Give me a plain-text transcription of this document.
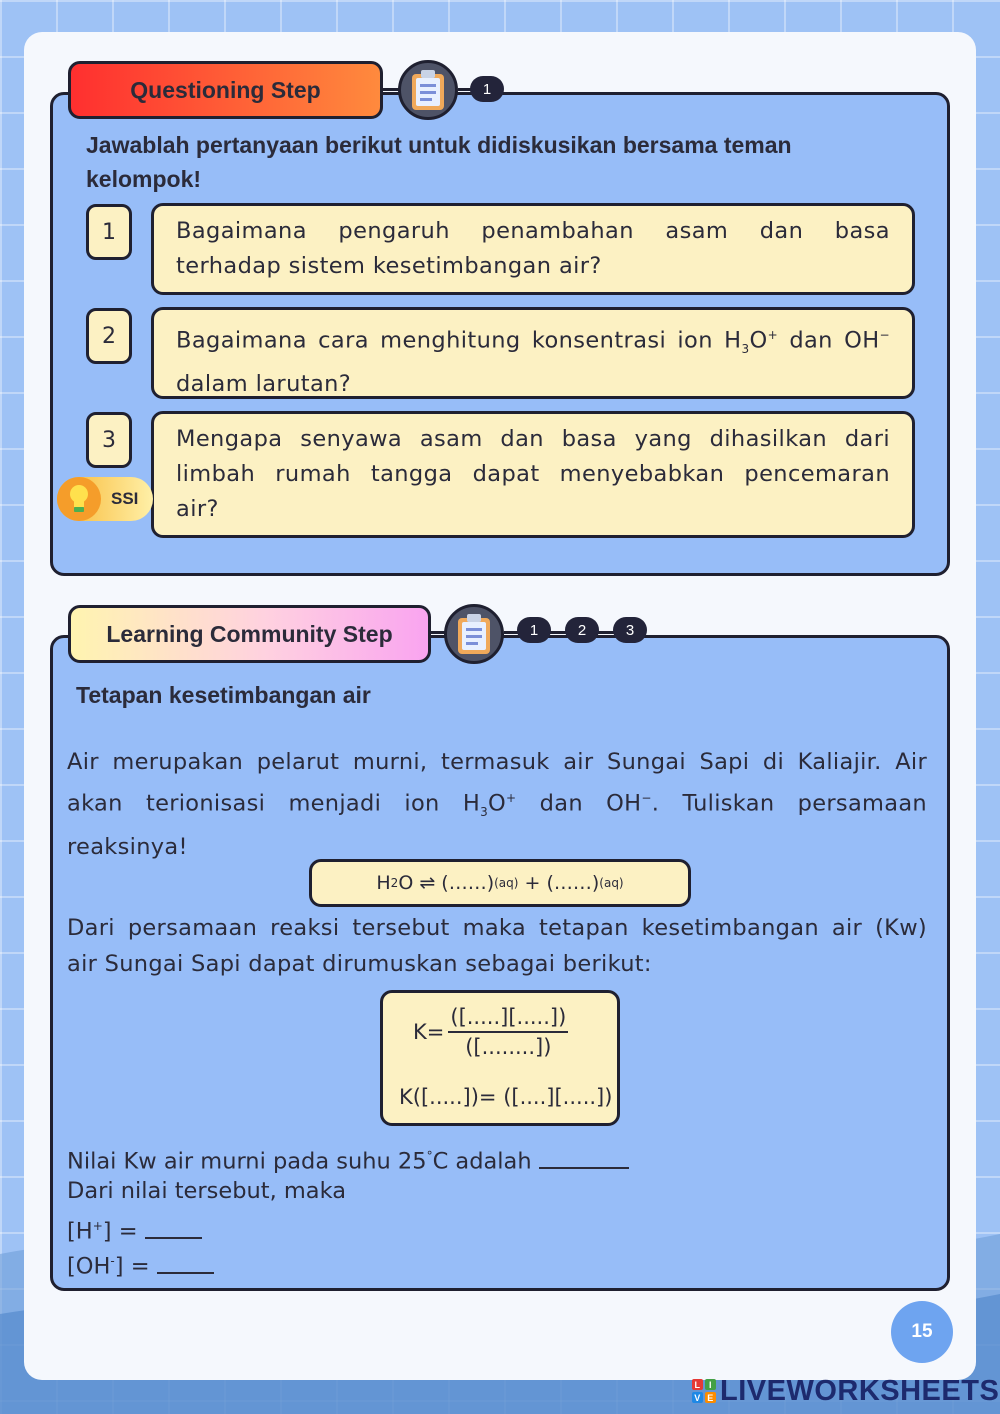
Questioning Step	1
Jawablah pertanyaan berikut untuk didiskusikan bersama teman
kelompok!
1	Bagaimana pengaruh penambahan asam dan basa
terhadap sistem kesetimbangan air?
2	Bagaimana cara menghitung konsentrasi ion $H_3O^+$ dan OH−
dalam larutan?
3	Mengapa senyawa asam dan basa yang dihasilkan dari
limbah rumah tangga dapat menyebabkan pencemaran
air?
SSI
Learning Community Step	1	2	3
Tetapan kesetimbangan air
Air merupakan pelarut murni, termasuk air Sungai Sapi di Kaliajir. Air
akan terionisasi menjadi ion $H_3O^+$ dan OH−. Tuliskan persamaan
reaksinya!
H 2 O ⇌ (……) (aq) + (……) (aq)
Dari persamaan reaksi tersebut maka tetapan kesetimbangan air (Kw)
air Sungai Sapi dapat dirumuskan sebagai berikut:
$K= \frac{([.....][.....])}{([........])}$
K([.....])= ([....][.....])
Nilai Kw air murni pada suhu 25°C adalah
Dari nilai tersebut, maka
[H+] =
[OH-] =
15
L I
V E LIVEWORKSHEETS
